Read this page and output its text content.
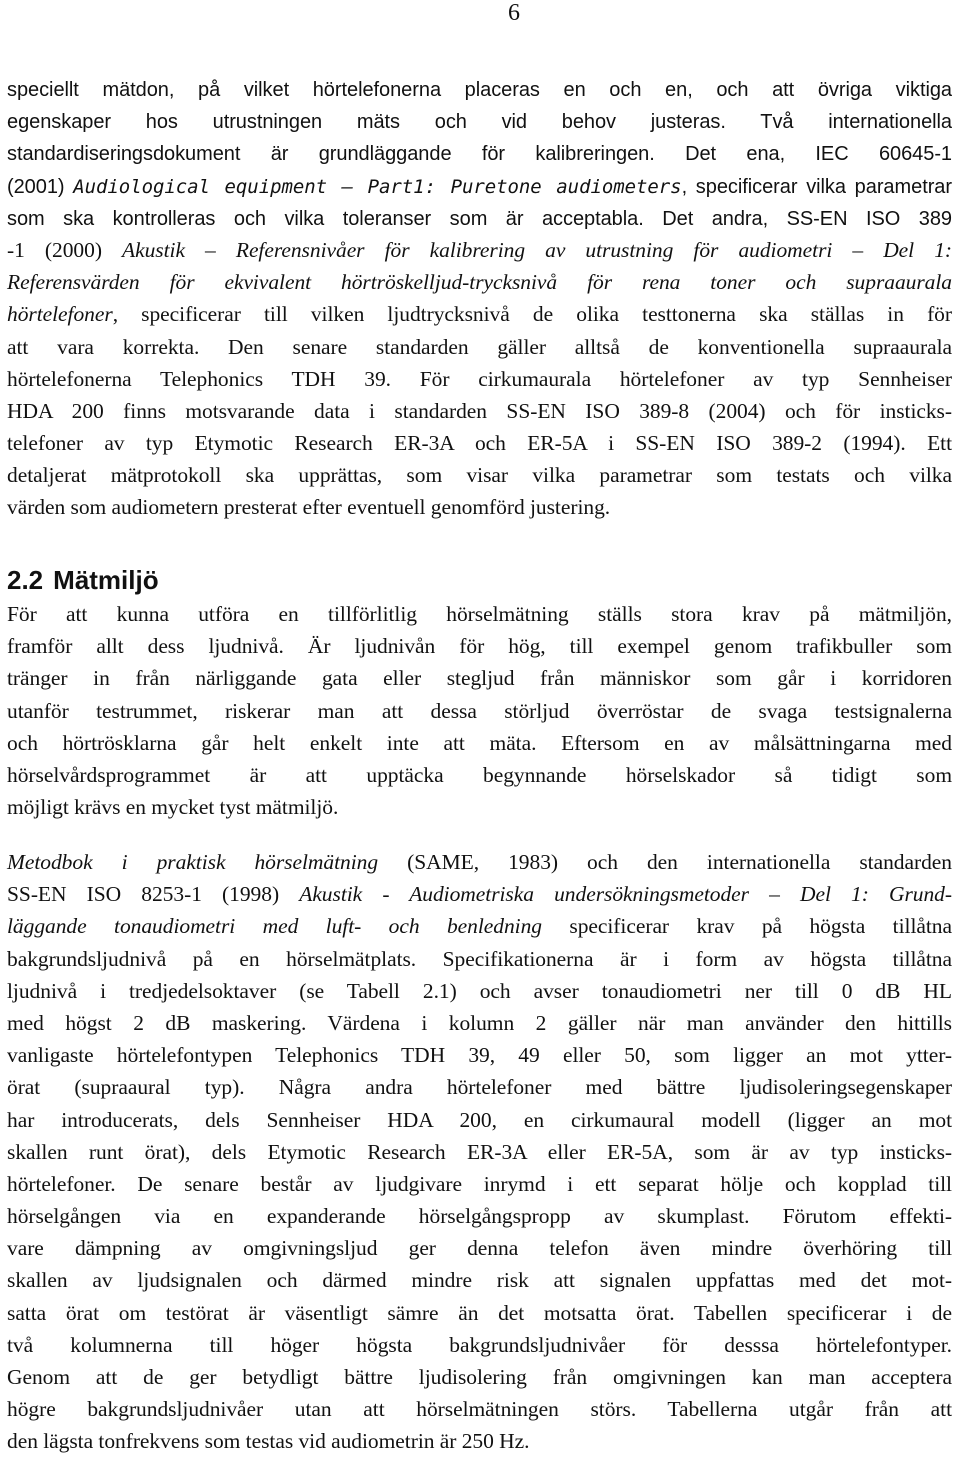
6
speciellt mätdon, på vilket hörtelefonerna placeras en och en, och att övriga viktiga
egenskaper hos utrustningen mäts och vid behov justeras. Två internationella
standardiseringsdokument är grundläggande för kalibreringen. Det ena, IEC 60645-1
(2001) Audiological equipment – Part1: Puretone audiometers, specificerar vilka parametrar
som ska kontrolleras och vilka toleranser som är acceptabla. Det andra, SS-EN ISO 389
-1 (2000) Akustik – Referensnivåer för kalibrering av utrustning för audiometri – Del 1:
Referensvärden för ekvivalent hörtröskelljud-trycksnivå för rena toner och supraaurala
hörtelefoner, specificerar till vilken ljudtrycksnivå de olika testtonerna ska ställas in för
att vara korrekta. Den senare standarden gäller alltså de konventionella supraaurala
hörtelefonerna Telephonics TDH 39. För cirkumaurala hörtelefoner av typ Sennheiser
HDA 200 finns motsvarande data i standarden SS-EN ISO 389-8 (2004) och för insticks-
telefoner av typ Etymotic Research ER-3A och ER-5A i SS-EN ISO 389-2 (1994). Ett
detaljerat mätprotokoll ska upprättas, som visar vilka parametrar som testats och vilka
värden som audiometern presterat efter eventuell genomförd justering.
2.2 Mätmiljö
För att kunna utföra en tillförlitlig hörselmätning ställs stora krav på mätmiljön,
framför allt dess ljudnivå. Är ljudnivån för hög, till exempel genom trafikbuller som
tränger in från närliggande gata eller stegljud från människor som går i korridoren
utanför testrummet, riskerar man att dessa störljud överröstar de svaga testsignalerna
och hörtrösklarna går helt enkelt inte att mäta. Eftersom en av målsättningarna med
hörselvårdsprogrammet är att upptäcka begynnande hörselskador så tidigt som
möjligt krävs en mycket tyst mätmiljö.
Metodbok i praktisk hörselmätning (SAME, 1983) och den internationella standarden
SS-EN ISO 8253-1 (1998) Akustik - Audiometriska undersökningsmetoder – Del 1: Grund-
läggande tonaudiometri med luft- och benledning specificerar krav på högsta tillåtna
bakgrundsljudnivå på en hörselmätplats. Specifikationerna är i form av högsta tillåtna
ljudnivå i tredjedelsoktaver (se Tabell 2.1) och avser tonaudiometri ner till 0 dB HL
med högst 2 dB maskering. Värdena i kolumn 2 gäller när man använder den hittills
vanligaste hörtelefontypen Telephonics TDH 39, 49 eller 50, som ligger an mot ytter-
örat (supraaural typ). Några andra hörtelefoner med bättre ljudisoleringsegenskaper
har introducerats, dels Sennheiser HDA 200, en cirkumaural modell (ligger an mot
skallen runt örat), dels Etymotic Research ER-3A eller ER-5A, som är av typ insticks-
hörtelefoner. De senare består av ljudgivare inrymd i ett separat hölje och kopplad till
hörselgången via en expanderande hörselgångspropp av skumplast. Förutom effekti-
vare dämpning av omgivningsljud ger denna telefon även mindre överhöring till
skallen av ljudsignalen och därmed mindre risk att signalen uppfattas med det mot-
satta örat om testörat är väsentligt sämre än det motsatta örat. Tabellen specificerar i de
två kolumnerna till höger högsta bakgrundsljudnivåer för desssa hörtelefontyper.
Genom att de ger betydligt bättre ljudisolering från omgivningen kan man acceptera
högre bakgrundsljudnivåer utan att hörselmätningen störs. Tabellerna utgår från att
den lägsta tonfrekvens som testas vid audiometrin är 250 Hz.
